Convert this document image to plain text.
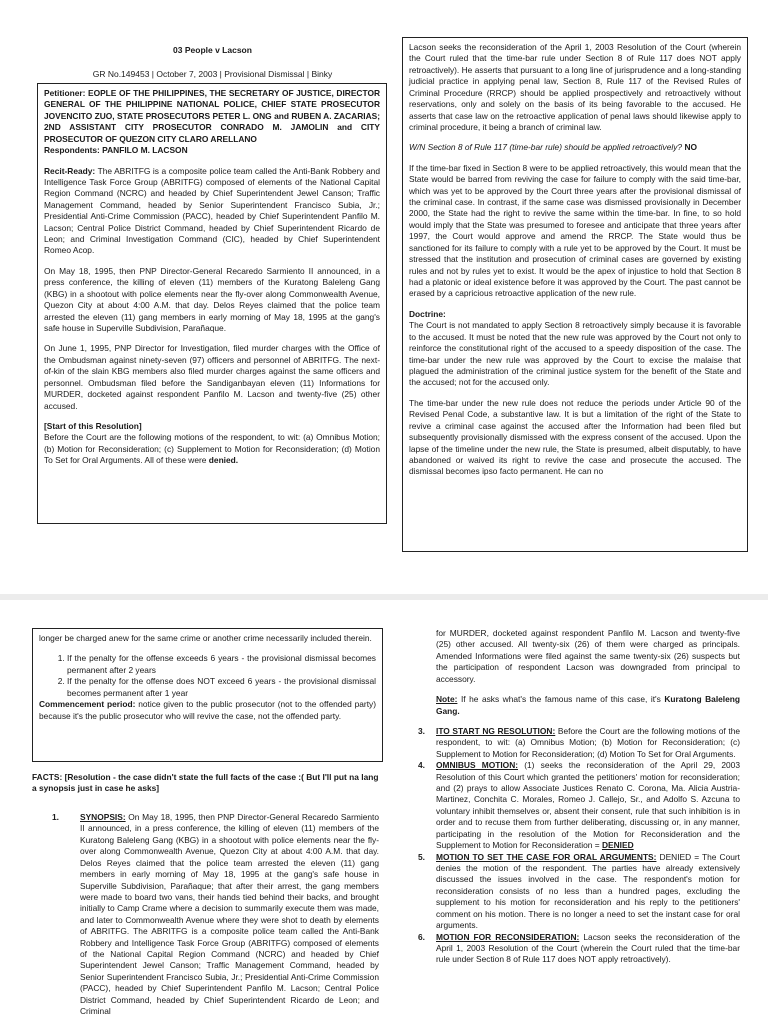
03 People v Lacson
GR No.149453 | October 7, 2003 | Provisional Dismissal | Binky

Petitioner: EOPLE OF THE PHILIPPINES, THE SECRETARY OF JUSTICE, DIRECTOR GENERAL OF THE PHILIPPINE NATIONAL POLICE, CHIEF STATE PROSECUTOR JOVENCITO ZUO, STATE PROSECUTORS PETER L. ONG and RUBEN A. ZACARIAS; 2ND ASSISTANT CITY PROSECUTOR CONRADO M. JAMOLIN and CITY PROSECUTOR OF QUEZON CITY CLARO ARELLANO
Respondents: PANFILO M. LACSON

Recit-Ready: The ABRITFG is a composite police team called the Anti-Bank Robbery and Intelligence Task Force Group (ABRITFG) composed of elements of the National Capital Region Command (NCRC) and headed by Chief Superintendent Jewel Canson; Traffic Management Command, headed by Senior Superintendent Francisco Subia, Jr.; Presidential Anti-Crime Commission (PACC), headed by Chief Superintendent Panfilo M. Lacson; Central Police District Command, headed by Chief Superintendent Ricardo de Leon; and Criminal Investigation Command (CIC), headed by Chief Superintendent Romeo Acop.

On May 18, 1995, then PNP Director-General Recaredo Sarmiento II announced, in a press conference, the killing of eleven (11) members of the Kuratong Baleleng Gang (KBG) in a shootout with police elements near the fly-over along Commonwealth Avenue, Quezon City at about 4:00 A.M. that day. Delos Reyes claimed that the police team arrested the eleven (11) gang members in early morning of May 18, 1995 at the gang's safe house in Superville Subdivision, Parañaque.

On June 1, 1995, PNP Director for Investigation, filed murder charges with the Office of the Ombudsman against ninety-seven (97) officers and personnel of ABRITFG. The next-of-kin of the slain KBG members also filed murder charges against the same officers and personnel. Ombudsman filed before the Sandiganbayan eleven (11) Informations for MURDER, docketed against respondent Panfilo M. Lacson and twenty-five (25) other accused.

[Start of this Resolution]

Before the Court are the following motions of the respondent, to wit: (a) Omnibus Motion; (b) Motion for Reconsideration; (c) Supplement to Motion for Reconsideration; (d) Motion To Set for Oral Arguments. All of these were denied.

Lacson seeks the reconsideration of the April 1, 2003 Resolution of the Court (wherein the Court ruled that the time-bar rule under Section 8 of Rule 117 does NOT apply retroactively). He asserts that pursuant to a long line of jurisprudence and a long-standing judicial practice in applying penal law, Section 8, Rule 117 of the Revised Rules of Criminal Procedure (RRCP) should be applied prospectively and retroactively without reservations, only and solely on the basis of its being favorable to the accused. He asserts that case law on the retroactive application of penal laws should likewise apply to criminal procedure, it being a branch of criminal law.

W/N Section 8 of Rule 117 (time-bar rule) should be applied retroactively? NO

If the time-bar fixed in Section 8 were to be applied retroactively, this would mean that the State would be barred from reviving the case for failure to comply with the said time-bar, which was yet to be approved by the Court three years after the provisional dismissal of the criminal case. In contrast, if the same case was dismissed provisionally in December 2000, the State had the right to revive the same within the time-bar. In fine, to so hold would imply that the State was presumed to foresee and anticipate that three years after 1997, the Court would approve and amend the RRCP. The State would thus be sanctioned for its failure to comply with a rule yet to be approved by the Court. It must be stressed that the institution and prosecution of criminal cases are governed by existing rules and not by rules yet to exist. It would be the apex of injustice to hold that Section 8 had a platonic or ideal existence before it was approved by the Court. The past cannot be erased by a capricious retroactive application of the new rule.

Doctrine:

The Court is not mandated to apply Section 8 retroactively simply because it is favorable to the accused. It must be noted that the new rule was approved by the Court not only to reinforce the constitutional right of the accused to a speedy disposition of the case. The time-bar under the new rule was approved by the Court to excise the malaise that plagued the administration of the criminal justice system for the benefit of the State and the accused; not for the accused only.

The time-bar under the new rule does not reduce the periods under Article 90 of the Revised Penal Code, a substantive law. It is but a limitation of the right of the State to revive a criminal case against the accused after the Information had been filed but subsequently provisionally dismissed with the express consent of the accused. Upon the lapse of the timeline under the new rule, the State is presumed, albeit disputably, to have abandoned or waived its right to revive the case and prosecute the accused. The dismissal becomes ipso facto permanent. He can no

longer be charged anew for the same crime or another crime necessarily included therein.

1. If the penalty for the offense exceeds 6 years - the provisional dismissal becomes permanent after 2 years
2. If the penalty for the offense does NOT exceed 6 years - the provisional dismissal becomes permanent after 1 year

Commencement period: notice given to the public prosecutor (not to the offended party) because it's the public prosecutor who will revive the case, not the offended party.

FACTS: [Resolution - the case didn't state the full facts of the case :( But I'll put na lang a synopsis just in case he asks]
1.	SYNOPSIS: On May 18, 1995, then PNP Director-General Recaredo Sarmiento II announced, in a press conference, the killing of eleven (11) members of the Kuratong Baleleng Gang (KBG) in a shootout with police elements near the fly-over along Commonwealth Avenue, Quezon City at about 4:00 A.M. that day. Delos Reyes claimed that the police team arrested the eleven (11) gang members in early morning of May 18, 1995 at the gang's safe house in Superville Subdivision, Parañaque; that after their arrest, the gang members were made to board two vans, their hands tied behind their backs, and brought initially to Camp Crame where a decision to summarily execute them was made, and later to Commonwealth Avenue where they were shot to death by elements of ABRITFG. The ABRITFG is a composite police team called the Anti-Bank Robbery and Intelligence Task Force Group (ABRITFG) composed of elements of the National Capital Region Command (NCRC) and headed by Chief Superintendent Jewel Canson; Traffic Management Command, headed by Senior Superintendent Francisco Subia, Jr.; Presidential Anti-Crime Commission (PACC), headed by Chief Superintendent Panfilo M. Lacson; Central Police District Command, headed by Chief Superintendent Ricardo de Leon; and Criminal

for MURDER, docketed against respondent Panfilo M. Lacson and twenty-five (25) other accused. All twenty-six (26) of them were charged as principals. Amended Informations were filed against the same twenty-six (26) suspects but the participation of respondent Lacson was downgraded from principal to accessory.

Note: If he asks what's the famous name of this case, it's Kuratong Baleleng Gang.

3. ITO START NG RESOLUTION: Before the Court are the following motions of the respondent, to wit: (a) Omnibus Motion; (b) Motion for Reconsideration; (c) Supplement to Motion for Reconsideration; (d) Motion To Set for Oral Arguments.

4. OMNIBUS MOTION: (1) seeks the reconsideration of the April 29, 2003 Resolution of this Court which granted the petitioners' motion for reconsideration; and (2) prays to allow Associate Justices Renato C. Corona, Ma. Alicia Austria-Martinez, Conchita C. Morales, Romeo J. Callejo, Sr., and Adolfo S. Azcuna to voluntary inhibit themselves or, absent their consent, rule that such inhibition is in order and to recuse them from further deliberating, discussing or, in any manner, participating in the resolution of the Motion for Reconsideration and the Supplement to Motion for Reconsideration = DENIED

5. MOTION TO SET THE CASE FOR ORAL ARGUMENTS: DENIED = The Court denies the motion of the respondent. The parties have already extensively discussed the issues involved in the case. The respondent's motion for reconsideration consists of no less than a hundred pages, excluding the supplement to his motion for reconsideration and his reply to the petitioners' comment on his motion. There is no longer a need to set the instant case for oral arguments.

6. MOTION FOR RECONSIDERATION: Lacson seeks the reconsideration of the April 1, 2003 Resolution of the Court (wherein the Court ruled that the time-bar rule under Section 8 of Rule 117 does NOT apply retroactively).
